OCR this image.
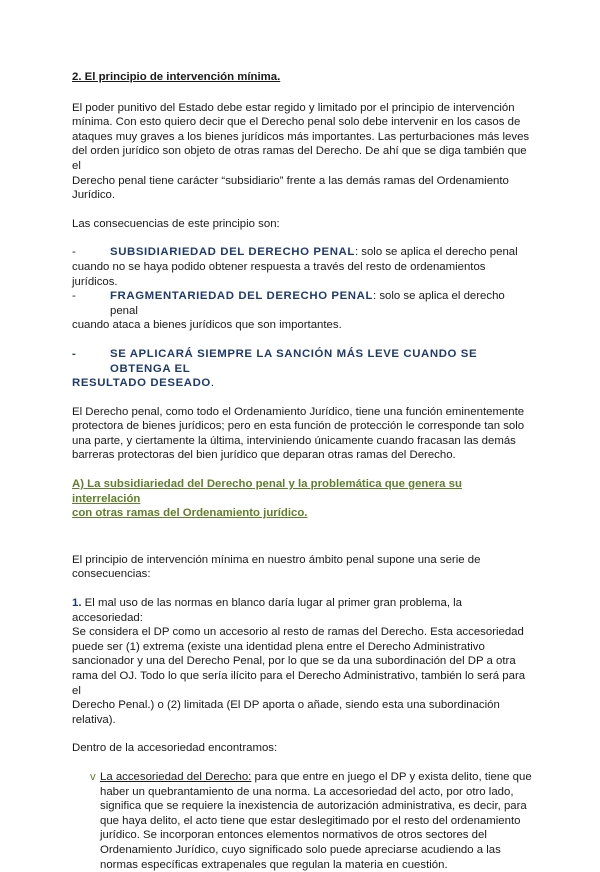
2. El principio de intervención mínima.

El poder punitivo del Estado debe estar regido y limitado por el principio de intervención

mínima. Con esto quiero decir que el Derecho penal solo debe intervenir en los casos de

ataques muy graves a los bienes jurídicos más importantes. Las perturbaciones más leves

del orden jurídico son objeto de otras ramas del Derecho. De ahí que se diga también que el

Derecho penal tiene carácter “subsidiario” frente a las demás ramas del Ordenamiento

Jurídico.

Las consecuencias de este principio son:

-	SUBSIDIARIEDAD DEL DERECHO PENAL: solo se aplica el derecho penal

cuando no se haya podido obtener respuesta a través del resto de ordenamientos jurídicos.

-	FRAGMENTARIEDAD DEL DERECHO PENAL: solo se aplica el derecho penal

cuando ataca a bienes jurídicos que son importantes.

-	SE APLICARÁ SIEMPRE LA SANCIÓN MÁS LEVE CUANDO SE OBTENGA EL

RESULTADO DESEADO.

El Derecho penal, como todo el Ordenamiento Jurídico, tiene una función eminentemente

protectora de bienes jurídicos; pero en esta función de protección le corresponde tan solo

una parte, y ciertamente la última, interviniendo únicamente cuando fracasan las demás

barreras protectoras del bien jurídico que deparan otras ramas del Derecho.

A) La subsidiariedad del Derecho penal y la problemática que genera su interrelación

con otras ramas del Ordenamiento jurídico.

El principio de intervención mínima en nuestro ámbito penal supone una serie de

consecuencias:

1. El mal uso de las normas en blanco daría lugar al primer gran problema, la accesoriedad:

Se considera el DP como un accesorio al resto de ramas del Derecho. Esta accesoriedad

puede ser (1) extrema (existe una identidad plena entre el Derecho Administrativo

sancionador y una del Derecho Penal, por lo que se da una subordinación del DP a otra

rama del OJ. Todo lo que sería ilícito para el Derecho Administrativo, también lo será para el

Derecho Penal.) o (2) limitada (El DP aporta o añade, siendo esta una subordinación

relativa).

Dentro de la accesoriedad encontramos:

v La accesoriedad del Derecho: para que entre en juego el DP y exista delito, tiene que

haber un quebrantamiento de una norma. La accesoriedad del acto, por otro lado,

significa que se requiere la inexistencia de autorización administrativa, es decir, para

que haya delito, el acto tiene que estar deslegitimado por el resto del ordenamiento

jurídico. Se incorporan entonces elementos normativos de otros sectores del

Ordenamiento Jurídico, cuyo significado solo puede apreciarse acudiendo a las

normas específicas extrapenales que regulan la materia en cuestión.
